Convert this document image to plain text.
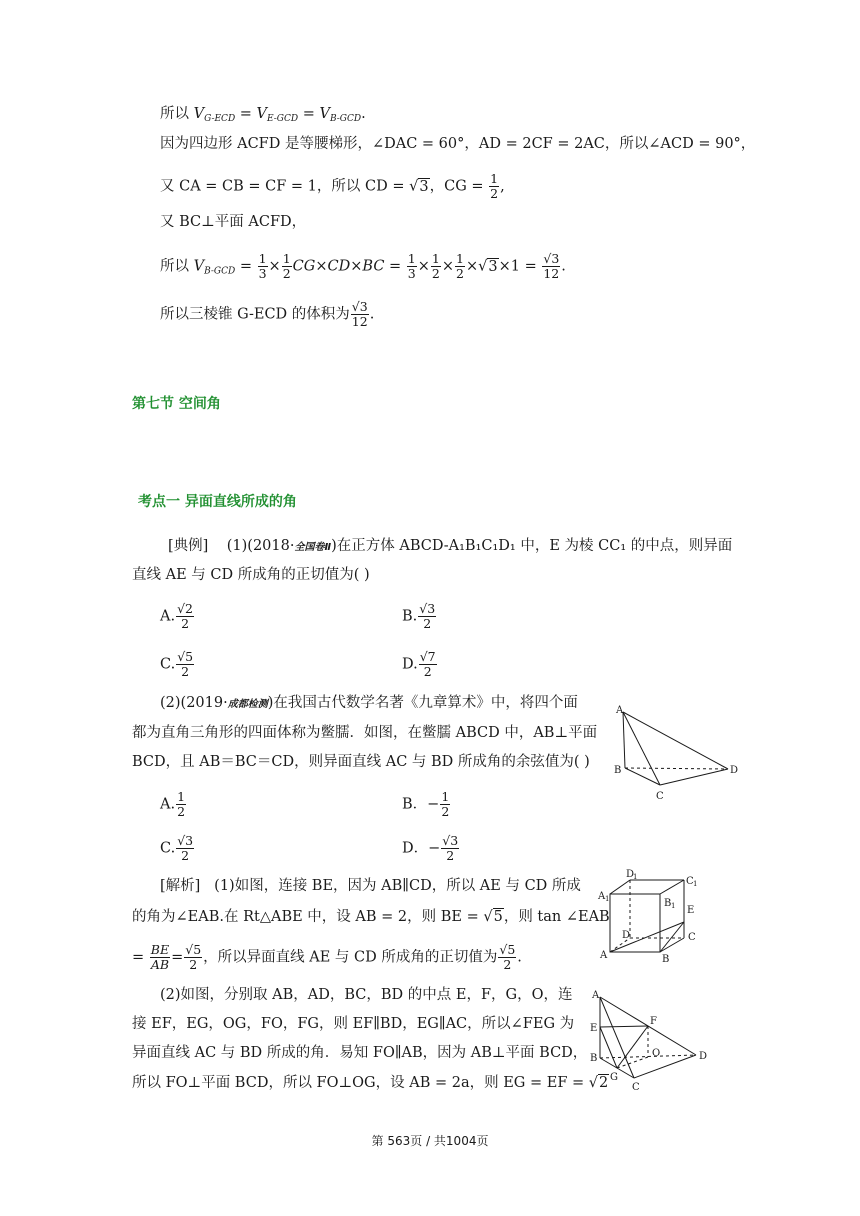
所以 $V_{G-ECD} = V_{E-GCD} = V_{B-GCD}$.
因为四边形 ACFD 是等腰梯形，∠DAC = 60°，AD = 2CF = 2AC，所以∠ACD = 90°，
又 CA = CB = CF = 1，所以 CD = √3，CG = $\frac{1}{2}$ ,
又 BC⊥平面 ACFD，
所以 $V_{B-GCD} = \frac{1}{3} \times \frac{1}{2} CG\times CD\times BC = \frac{1}{3} \times \frac{1}{2} \times \frac{1}{2} \times√3\times 1 = \frac{√3}{12}$ .
所以三棱锥 G-ECD 的体积为 $\frac{√3}{12}$ .
第七节 空间角
考点一 异面直线所成的角
[典例] (1)(2018·全国卷Ⅱ)在正方体 ABCD-A₁B₁C₁D₁ 中，E 为棱 CC₁ 的中点，则异面
直线 AE 与 CD 所成角的正切值为( )
A. $\frac{√2}{2}$	B. $\frac{√3}{2}$
C. $\frac{√5}{2}$	D. $\frac{√7}{2}$
(2)(2019·成都检测)在我国古代数学名著《九章算术》中，将四个面
都为直角三角形的四面体称为鳖臑．如图，在鳖臑 ABCD 中，AB⊥平面
BCD，且 AB＝BC＝CD，则异面直线 AC 与 BD 所成角的余弦值为( )
A. $\frac{1}{2}$	B．− $\frac{1}{2}$
C. $\frac{√3}{2}$	D．− $\frac{√3}{2}$
[解析] (1)如图，连接 BE，因为 AB∥CD，所以 AE 与 CD 所成
的角为∠EAB.在 Rt△ABE 中，设 AB = 2，则 BE = √5，则 tan ∠EAB
= $\frac{BE}{AB} = \frac{√5}{2}$ ，所以异面直线 AE 与 CD 所成角的正切值为 $\frac{√5}{2}$ .
(2)如图，分别取 AB，AD，BC，BD 的中点 E，F，G，O，连
接 EF，EG，OG，FO，FG，则 EF∥BD，EG∥AC，所以∠FEG 为
异面直线 AC 与 BD 所成的角．易知 FO∥AB，因为 AB⊥平面 BCD，
所以 FO⊥平面 BCD，所以 FO⊥OG，设 AB = 2a，则 EG = EF = √2
A
B
C
D
D
1	C 1
A 1	B 1 E
C
D
A	B
A
E
F
O
B
G
C
D
第 563页 / 共1004页
